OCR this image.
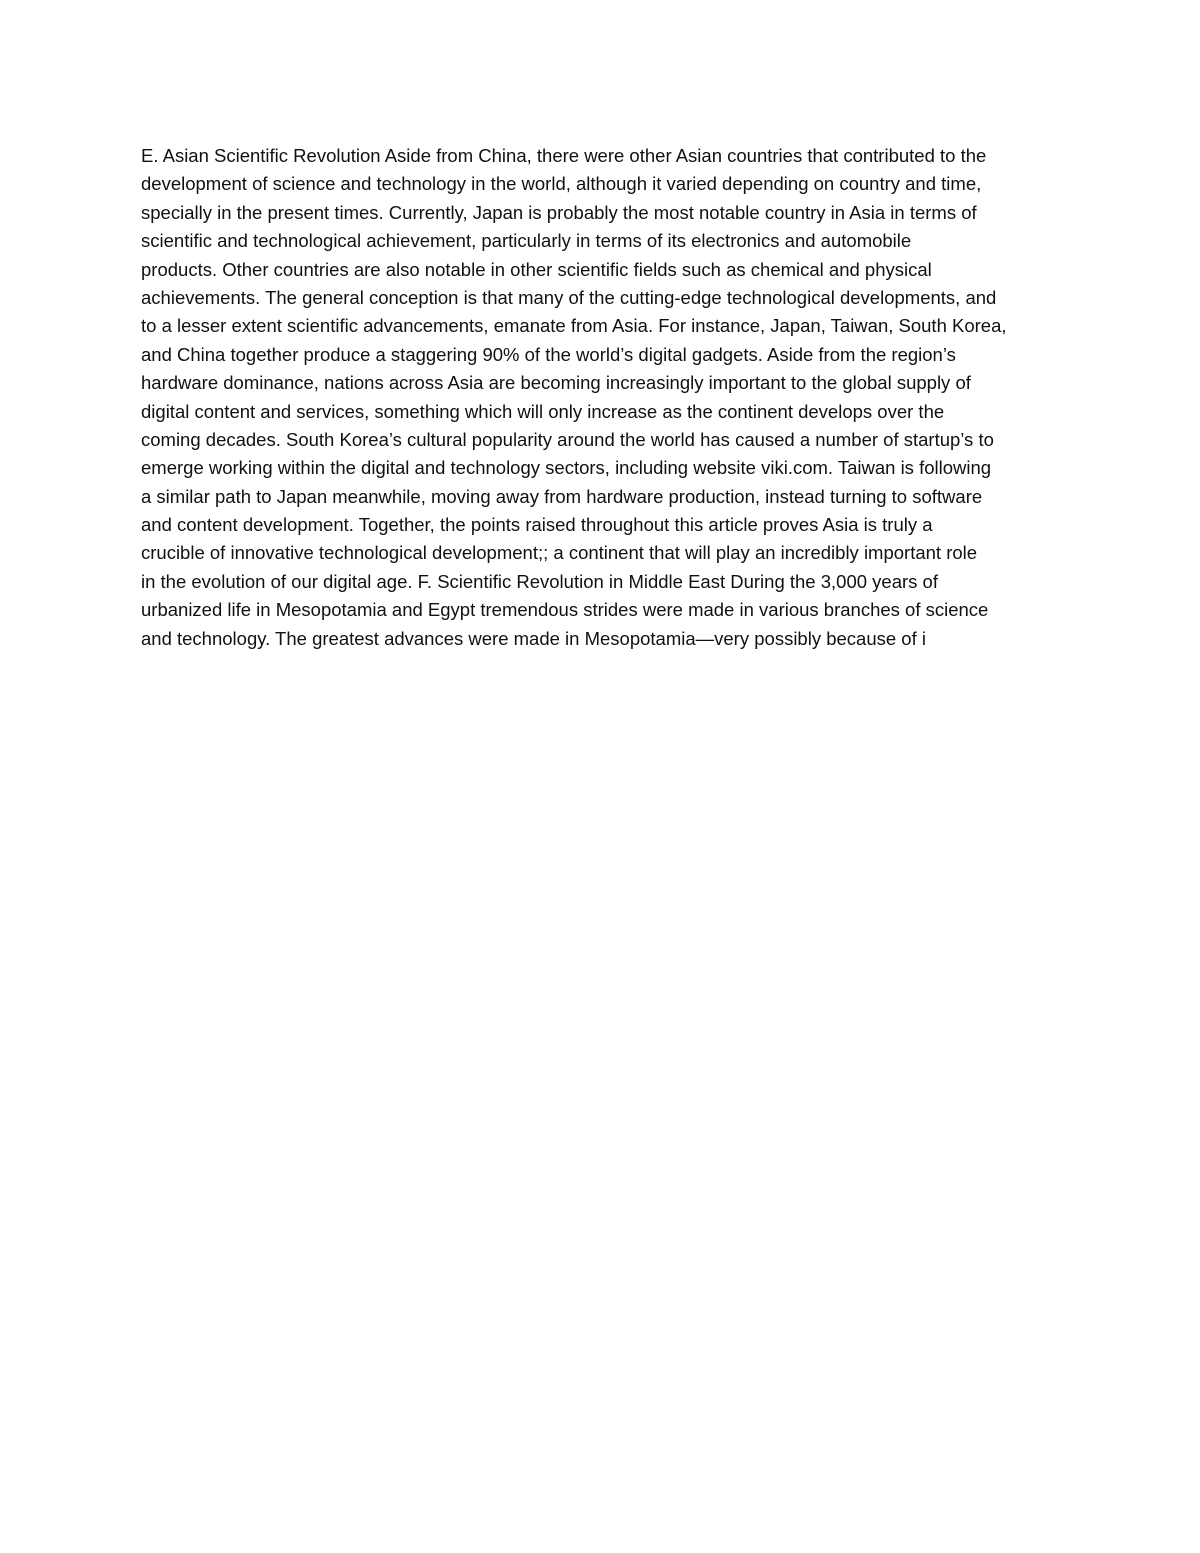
E. Asian Scientific Revolution Aside from China, there were other Asian countries that contributed to the
development of science and technology in the world, although it varied depending on country and time,
specially in the present times. Currently, Japan is probably the most notable country in Asia in terms of
scientific and technological achievement, particularly in terms of its electronics and automobile
products. Other countries are also notable in other scientific fields such as chemical and physical
achievements. The general conception is that many of the cutting-edge technological developments, and
to a lesser extent scientific advancements, emanate from Asia. For instance, Japan, Taiwan, South Korea,
and China together produce a staggering 90% of the world’s digital gadgets. Aside from the region’s
hardware dominance, nations across Asia are becoming increasingly important to the global supply of
digital content and services, something which will only increase as the continent develops over the
coming decades. South Korea’s cultural popularity around the world has caused a number of startup’s to
emerge working within the digital and technology sectors, including website viki.com. Taiwan is following
a similar path to Japan meanwhile, moving away from hardware production, instead turning to software
and content development. Together, the points raised throughout this article proves Asia is truly a
crucible of innovative technological development;; a continent that will play an incredibly important role
in the evolution of our digital age. F. Scientific Revolution in Middle East During the 3,000 years of
urbanized life in Mesopotamia and Egypt tremendous strides were made in various branches of science
and technology. The greatest advances were made in Mesopotamia—very possibly because of i
